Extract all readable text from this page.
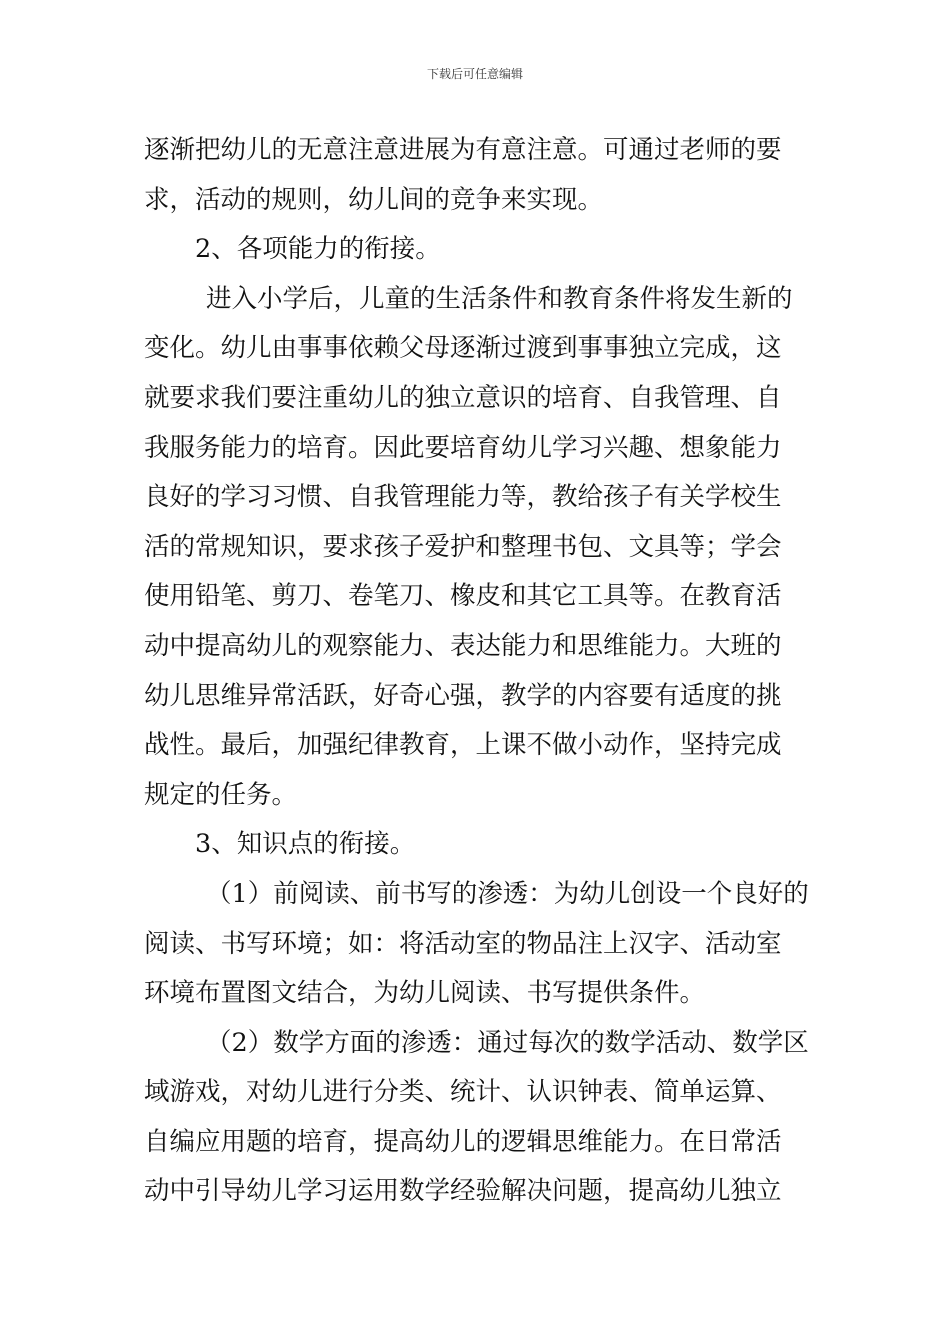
下载后可任意编辑
逐渐把幼儿的无意注意进展为有意注意。可通过老师的要
求，活动的规则，幼儿间的竞争来实现。
2、各项能力的衔接。
进入小学后，儿童的生活条件和教育条件将发生新的
变化。幼儿由事事依赖父母逐渐过渡到事事独立完成，这
就要求我们要注重幼儿的独立意识的培育、自我管理、自
我服务能力的培育。因此要培育幼儿学习兴趣、想象能力
良好的学习习惯、自我管理能力等，教给孩子有关学校生
活的常规知识，要求孩子爱护和整理书包、文具等；学会
使用铅笔、剪刀、卷笔刀、橡皮和其它工具等。在教育活
动中提高幼儿的观察能力、表达能力和思维能力。大班的
幼儿思维异常活跃，好奇心强，教学的内容要有适度的挑
战性。最后，加强纪律教育，上课不做小动作，坚持完成
规定的任务。
3、知识点的衔接。
（1）前阅读、前书写的渗透：为幼儿创设一个良好的
阅读、书写环境；如：将活动室的物品注上汉字、活动室
环境布置图文结合，为幼儿阅读、书写提供条件。
（2）数学方面的渗透：通过每次的数学活动、数学区
域游戏，对幼儿进行分类、统计、认识钟表、简单运算、
自编应用题的培育，提高幼儿的逻辑思维能力。在日常活
动中引导幼儿学习运用数学经验解决问题，提高幼儿独立
